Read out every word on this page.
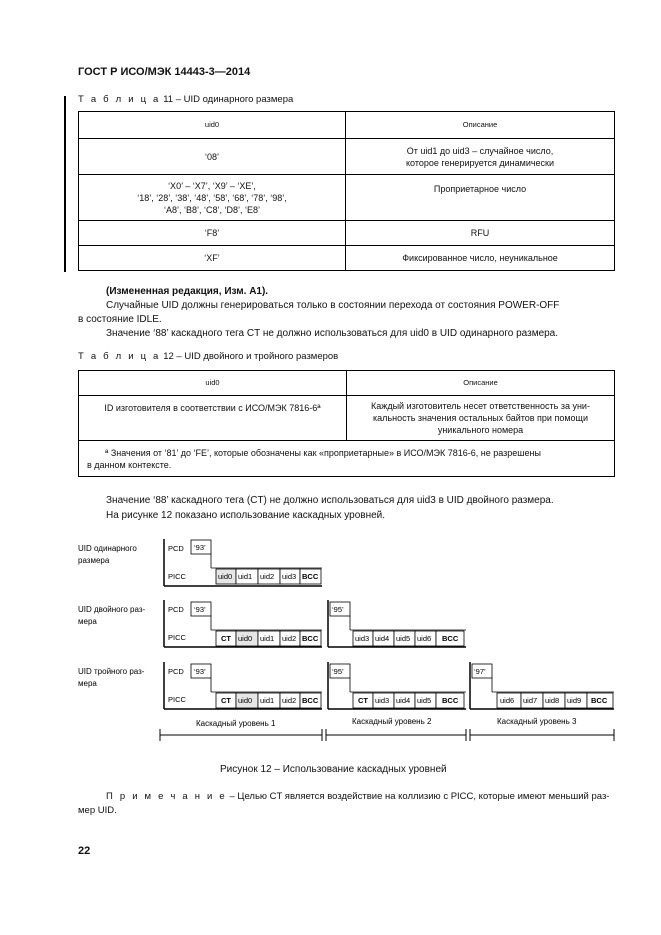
ГОСТ Р ИСО/МЭК 14443-3—2014
Т а б л и ц а 11 – UID одинарного размера
uid0	Описание
‘08’	От uid1 до uid3 – случайное число,
которое генерируется динамически

‘X0’ – ‘X7’, ‘X9’ – ‘XE’,
‘18’, ‘28’, ‘38’, ‘48’, ‘58’, ‘68’, ‘78’, ‘98’,
‘A8’, ‘B8’, ‘C8’, ‘D8’, ‘E8’	Проприетарное число
‘F8’	RFU
‘XF’	Фиксированное число, неуникальное
(Измененная редакция, Изм. А1).
Случайные UID должны генерироваться только в состоянии перехода от состояния POWER-OFF
в состояние IDLE.
Значение ‘88’ каскадного тега CT не должно использоваться для uid0 в UID одинарного размера.
Т а б л и ц а 12 – UID двойного и тройного размеров
uid0	Описание
ID изготовителя в соответствии с ИСО/МЭК 7816-6ª	Каждый изготовитель несет ответственность за уни-
кальность значения остальных байтов при помощи
уникального номера

ª Значения от ‘81’ до ‘FE’, которые обозначены как «проприетарные» в ИСО/МЭК 7816-6, не разрешены
в данном контексте.	
Значение ‘88’ каскадного тега (CT) не должно использоваться для uid3 в UID двойного размера.
На рисунке 12 показано использование каскадных уровней.
UID одинарного
размера
UID двойного раз-
мера
UID тройного раз-
мера
PCD ‘93’
PICC	uid0 uid1 uid2 uid3 BCC
PCD ‘93’
PICC	CT uid0 uid1 uid2 BCC
‘95’
uid3 uid4 uid5 uid6 BCC
PCD ‘93’
PICC	CT uid0 uid1 uid2 BCC
‘95’
CT uid3 uid4 uid5 BCC
‘97’
uid6 uid7 uid8 uid9 BCC
Каскадный уровень 1	Каскадный уровень 2	Каскадный уровень 3
Рисунок 12 – Использование каскадных уровней
П р и м е ч а н и е – Целью CT является воздействие на коллизию с PICC, которые имеют меньший раз-
мер UID.
22
